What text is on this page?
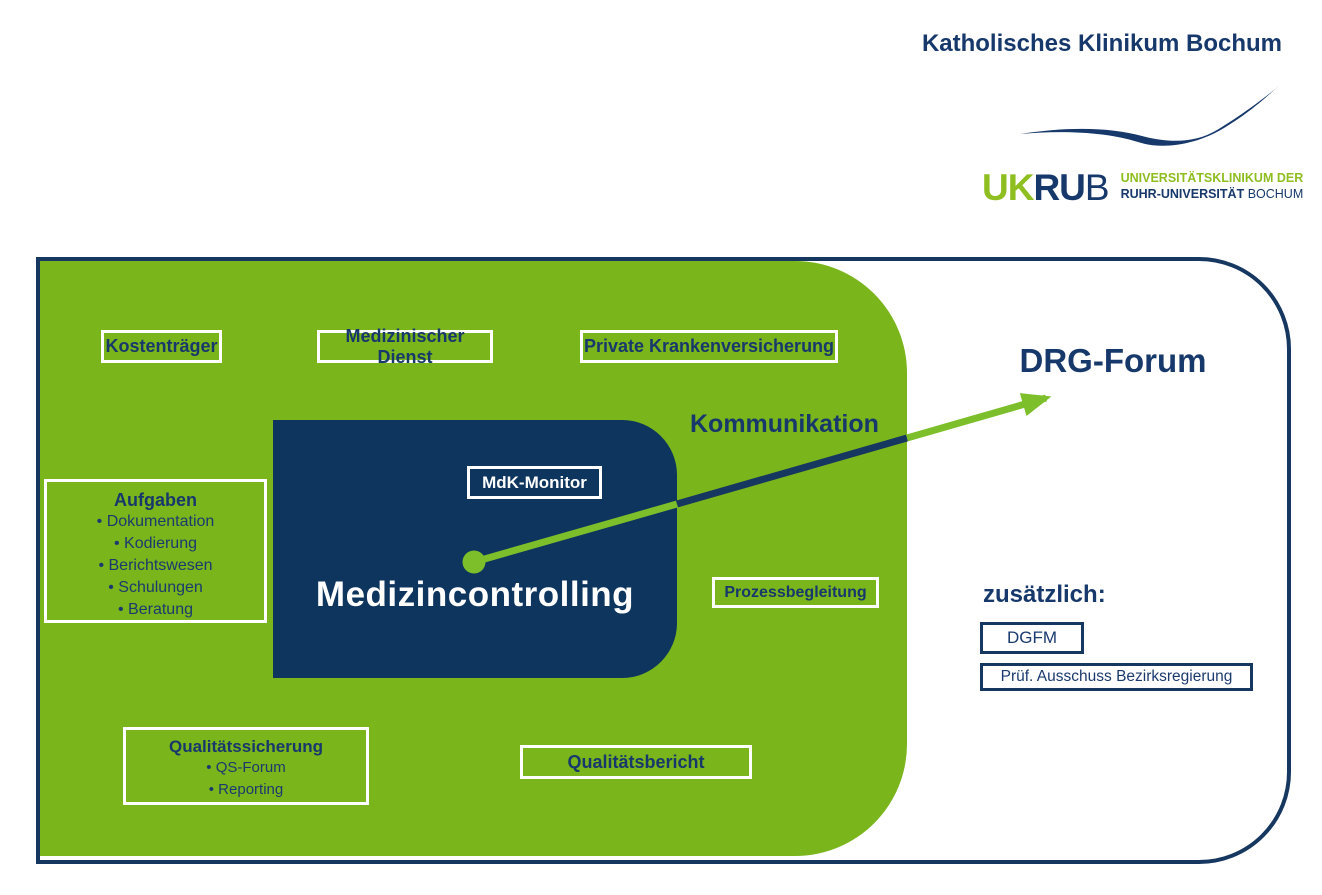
Katholisches Klinikum Bochum
UKRUB UNIVERSITÄTSKLINIKUM DER
RUHR-UNIVERSITÄT BOCHUM
Kostenträger
Medizinischer Dienst
Private Krankenversicherung
Aufgaben
• Dokumentation
• Kodierung
• Berichtswesen
• Schulungen
• Beratung
MdK-Monitor
Medizincontrolling
Kommunikation
Prozessbegleitung
Qualitätssicherung
• QS-Forum
• Reporting
Qualitätsbericht
DRG-Forum
zusätzlich:
DGFM
Prüf. Ausschuss Bezirksregierung
